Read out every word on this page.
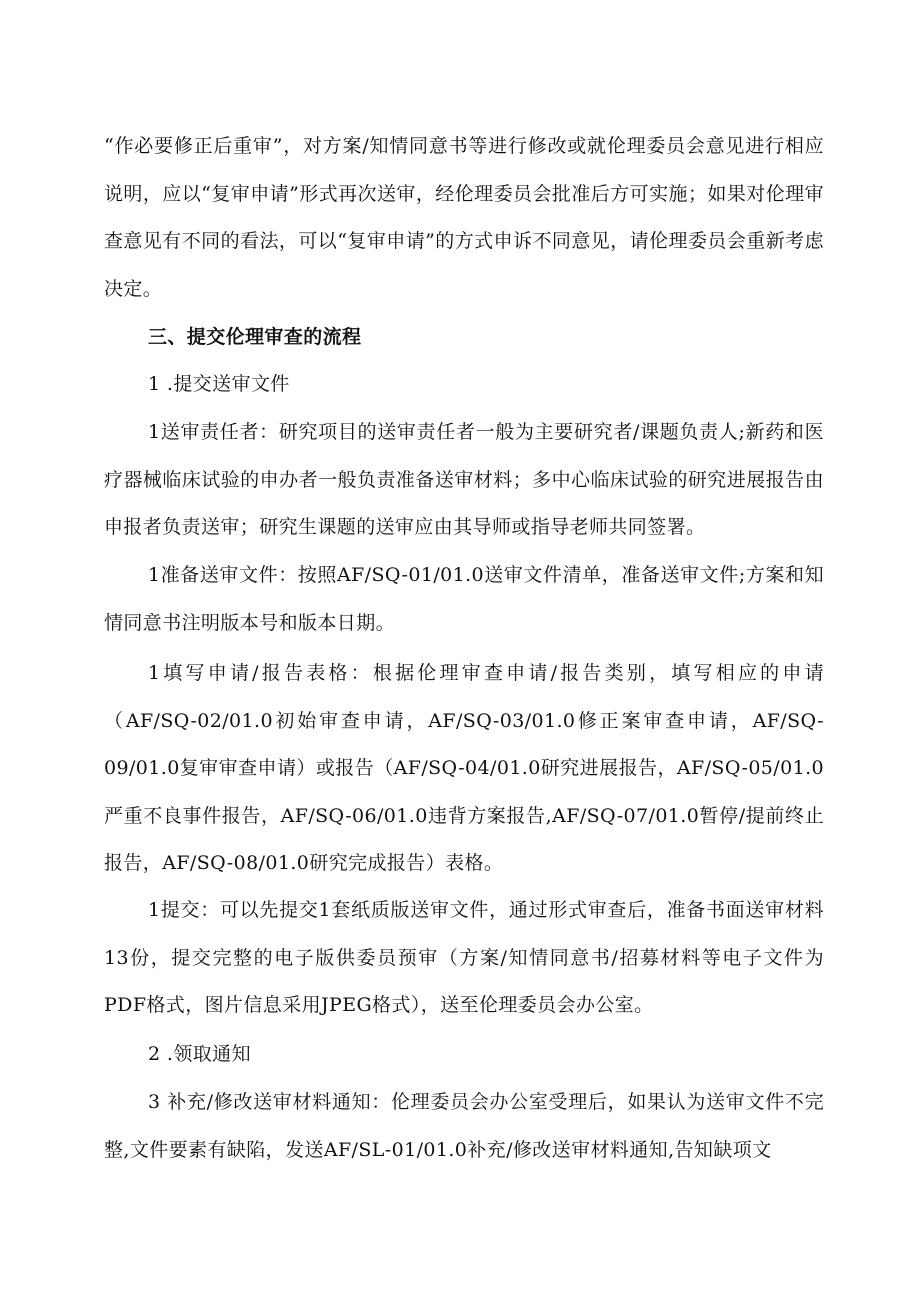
“作必要修正后重审”，对方案/知情同意书等进行修改或就伦理委员会意见进行相应说明，应以“复审申请”形式再次送审，经伦理委员会批准后方可实施；如果对伦理审查意见有不同的看法，可以“复审申请”的方式申诉不同意见，请伦理委员会重新考虑决定。

三、提交伦理审查的流程

1 .提交送审文件

1送审责任者：研究项目的送审责任者一般为主要研究者/课题负责人;新药和医疗器械临床试验的申办者一般负责准备送审材料；多中心临床试验的研究进展报告由申报者负责送审；研究生课题的送审应由其导师或指导老师共同签署。

1准备送审文件：按照AF/SQ-01/01.0送审文件清单，准备送审文件;方案和知情同意书注明版本号和版本日期。

1填写申请/报告表格：根据伦理审查申请/报告类别，填写相应的申请（AF/SQ-02/01.0初始审查申请，AF/SQ-03/01.0修正案审查申请，AF/SQ-09/01.0复审审查申请）或报告（AF/SQ-04/01.0研究进展报告，AF/SQ-05/01.0严重不良事件报告，AF/SQ-06/01.0违背方案报告,AF/SQ-07/01.0暂停/提前终止报告，AF/SQ-08/01.0研究完成报告）表格。

1提交：可以先提交1套纸质版送审文件，通过形式审查后，准备书面送审材料13份，提交完整的电子版供委员预审（方案/知情同意书/招募材料等电子文件为PDF格式，图片信息采用JPEG格式），送至伦理委员会办公室。

2 .领取通知

3 补充/修改送审材料通知：伦理委员会办公室受理后，如果认为送审文件不完整,文件要素有缺陷，发送AF/SL-01/01.0补充/修改送审材料通知,告知缺项文
